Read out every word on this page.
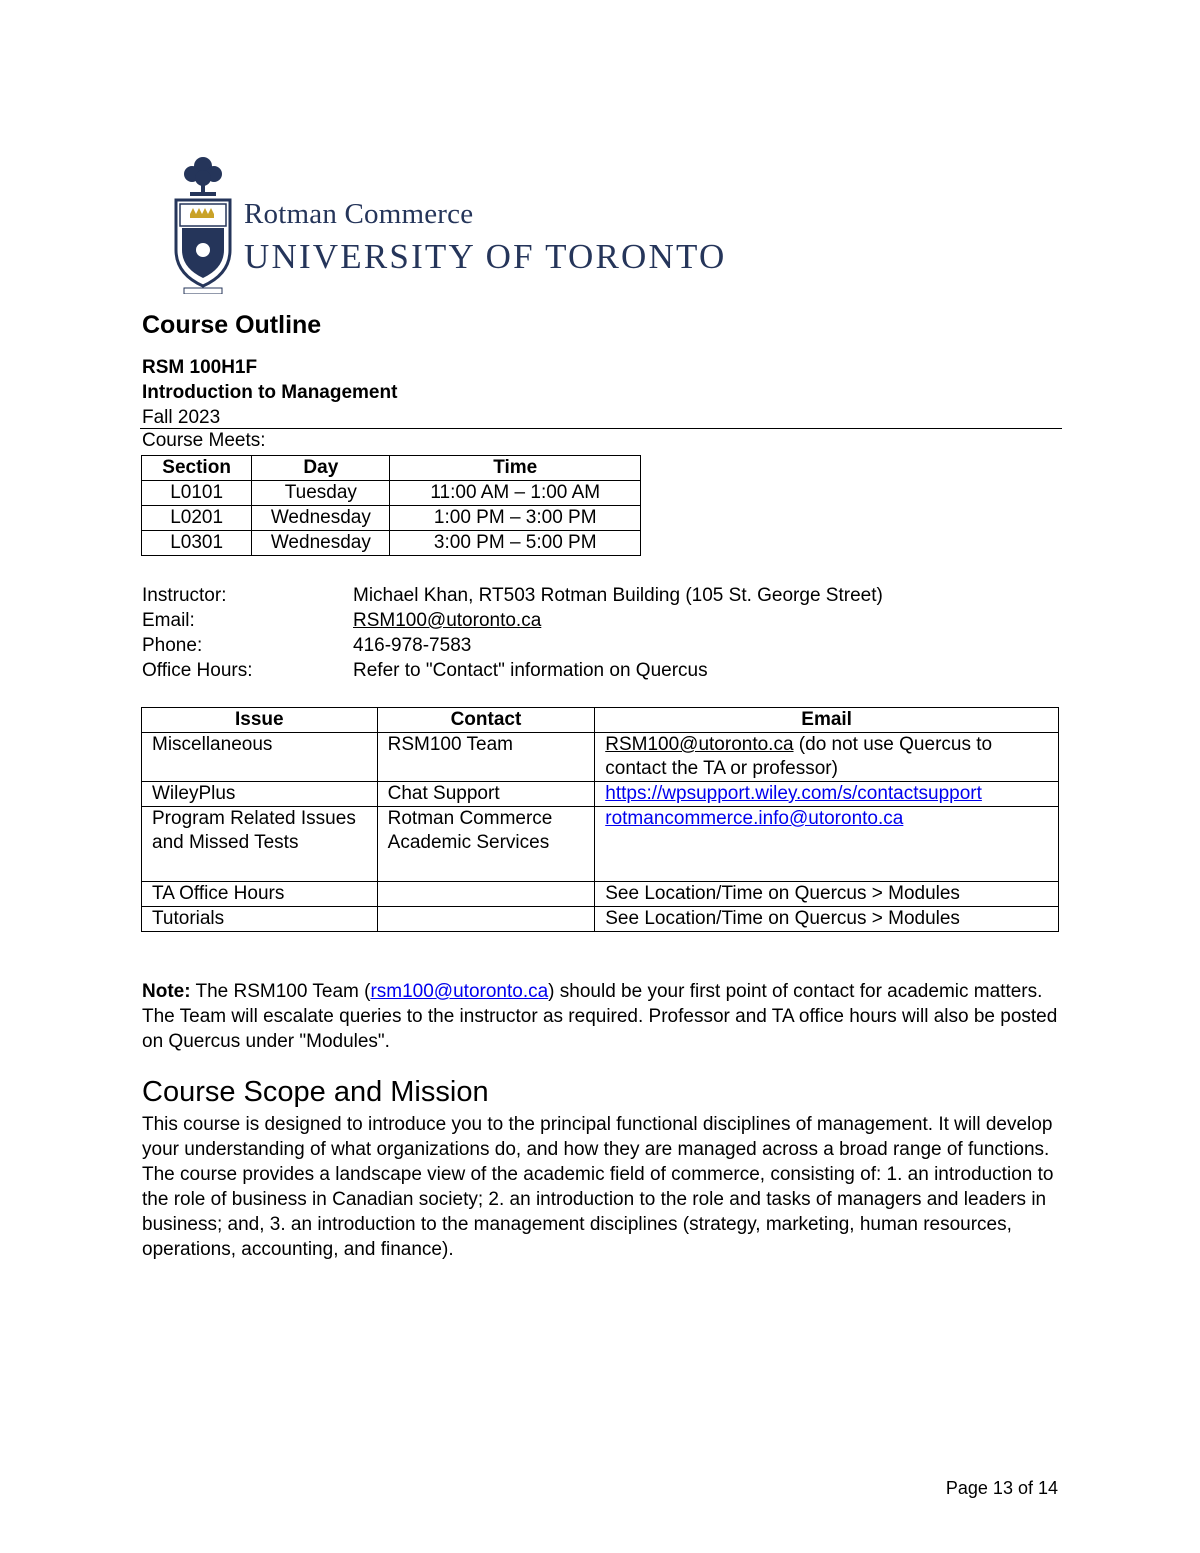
Rotman Commerce
UNIVERSITY OF TORONTO
Course Outline
RSM 100H1F
Introduction to Management
Fall 2023
Course Meets:
Section	Day	Time
L0101	Tuesday	11:00 AM – 1:00 AM
L0201	Wednesday	1:00 PM – 3:00 PM
L0301	Wednesday	3:00 PM – 5:00 PM
Instructor:	Michael Khan, RT503 Rotman Building (105 St. George Street)
Email:	RSM100@utoronto.ca
Phone:	416-978-7583
Office Hours:	Refer to "Contact" information on Quercus
Issue	Contact	Email
Miscellaneous	RSM100 Team	RSM100@utoronto.ca (do not use Quercus to contact the TA or professor)
WileyPlus	Chat Support	https://wpsupport.wiley.com/s/contactsupport
Program Related Issues and Missed Tests	Rotman Commerce Academic Services	rotmancommerce.info@utoronto.ca
TA Office Hours		See Location/Time on Quercus > Modules
Tutorials		See Location/Time on Quercus > Modules
Note: The RSM100 Team (rsm100@utoronto.ca) should be your first point of contact for academic matters. The Team will escalate queries to the instructor as required. Professor and TA office hours will also be posted on Quercus under "Modules".
Course Scope and Mission
This course is designed to introduce you to the principal functional disciplines of management. It will develop your understanding of what organizations do, and how they are managed across a broad range of functions. The course provides a landscape view of the academic field of commerce, consisting of: 1. an introduction to the role of business in Canadian society; 2. an introduction to the role and tasks of managers and leaders in business; and, 3. an introduction to the management disciplines (strategy, marketing, human resources, operations, accounting, and finance).
Page 13 of 14
